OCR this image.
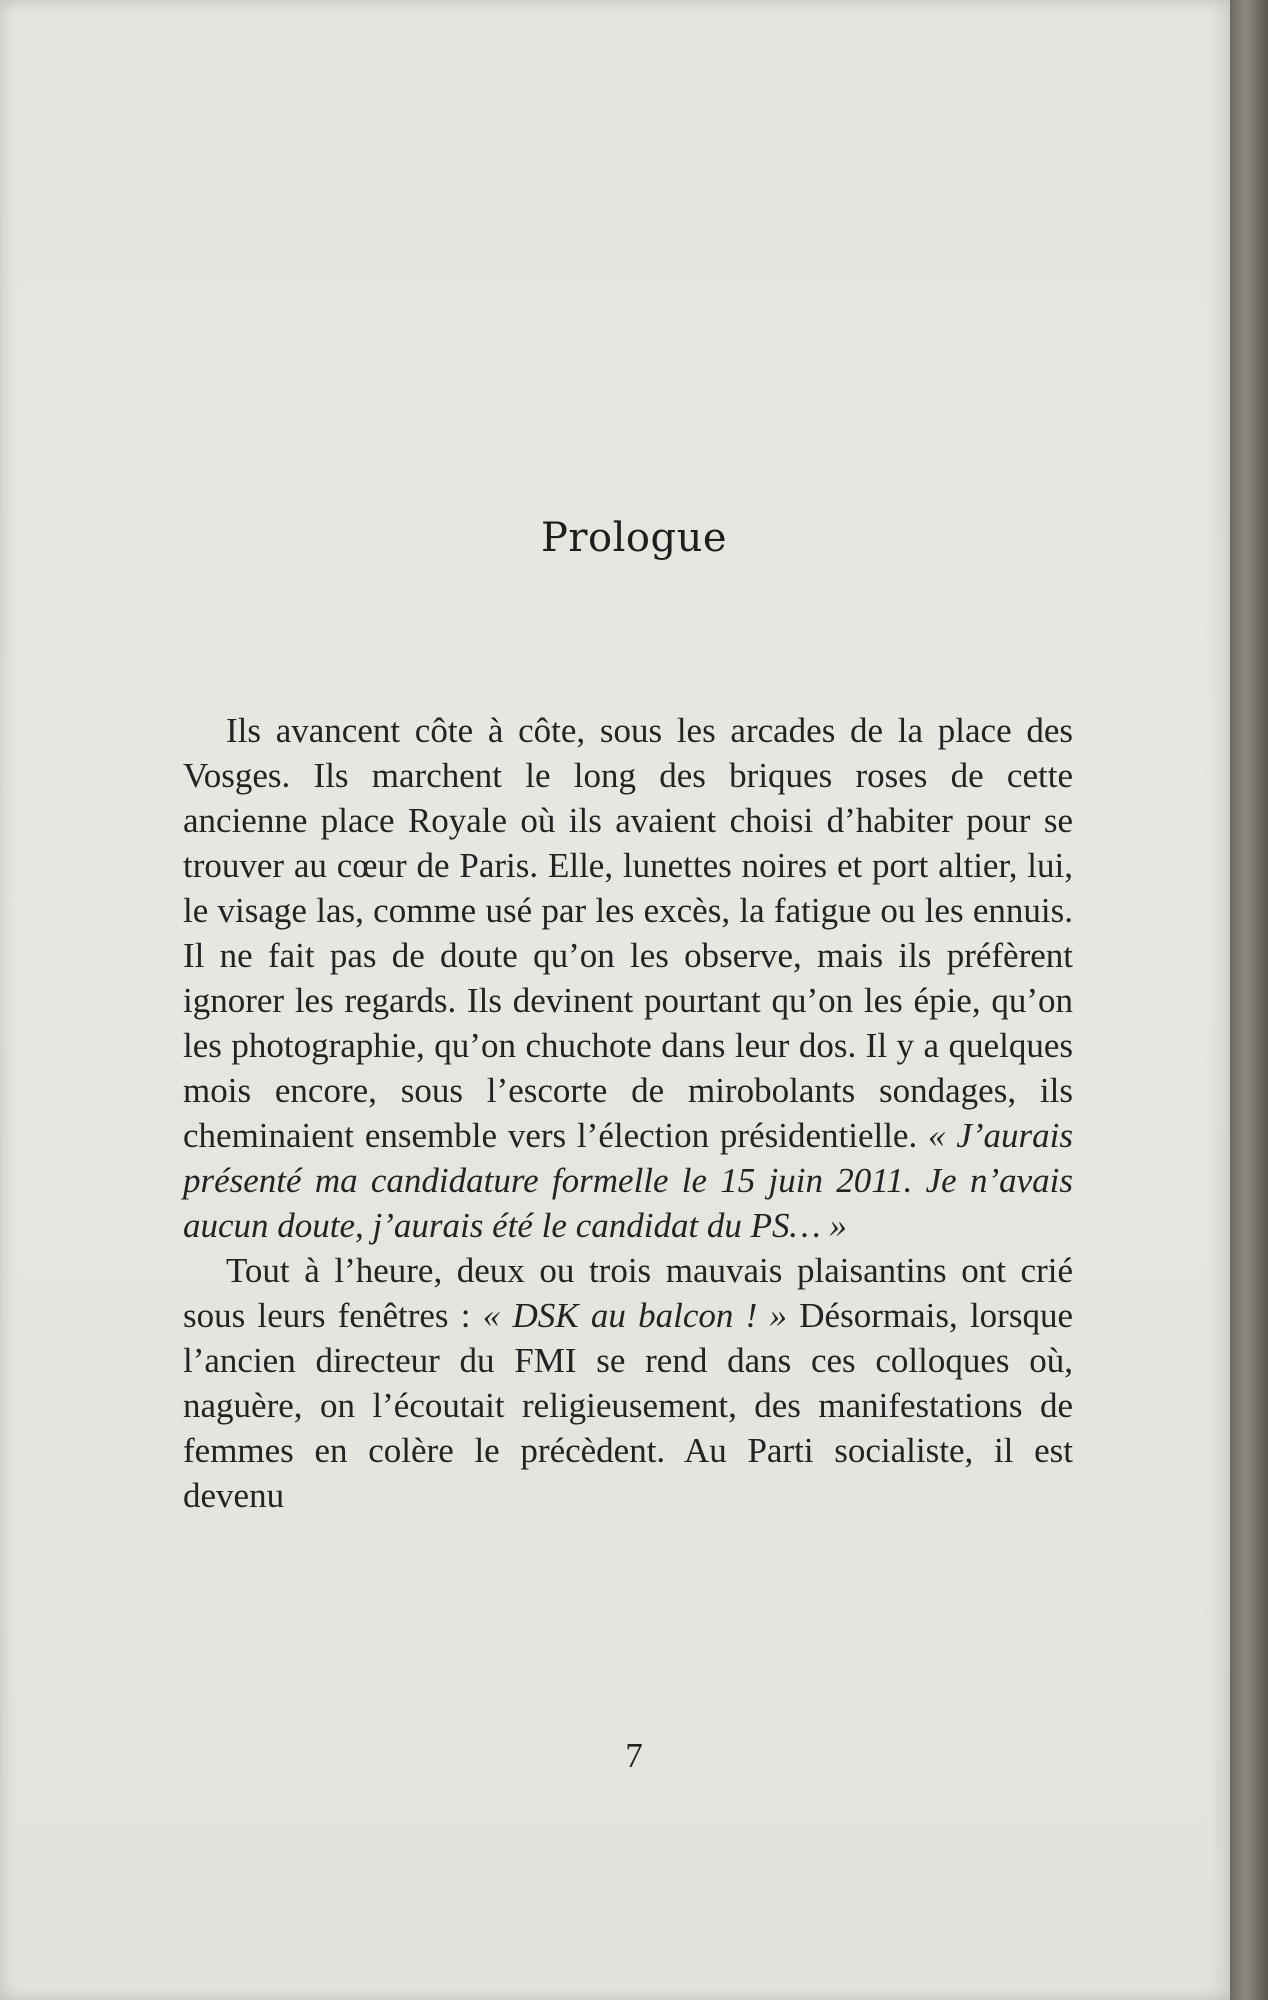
Prologue

Ils avancent côte à côte, sous les arcades de la place des Vosges. Ils marchent le long des briques roses de cette ancienne place Royale où ils avaient choisi d’habiter pour se trouver au cœur de Paris. Elle, lunettes noires et port altier, lui, le visage las, comme usé par les excès, la fatigue ou les ennuis. Il ne fait pas de doute qu’on les observe, mais ils préfèrent ignorer les regards. Ils devinent pourtant qu’on les épie, qu’on les photographie, qu’on chuchote dans leur dos. Il y a quelques mois encore, sous l’escorte de mirobolants sondages, ils cheminaient ensemble vers l’élection présidentielle. « J’aurais présenté ma candidature formelle le 15 juin 2011. Je n’avais aucun doute, j’aurais été le candidat du PS… »

Tout à l’heure, deux ou trois mauvais plaisantins ont crié sous leurs fenêtres : « DSK au balcon ! » Désormais, lorsque l’ancien directeur du FMI se rend dans ces colloques où, naguère, on l’écoutait religieusement, des manifestations de femmes en colère le précèdent. Au Parti socialiste, il est devenu

7
